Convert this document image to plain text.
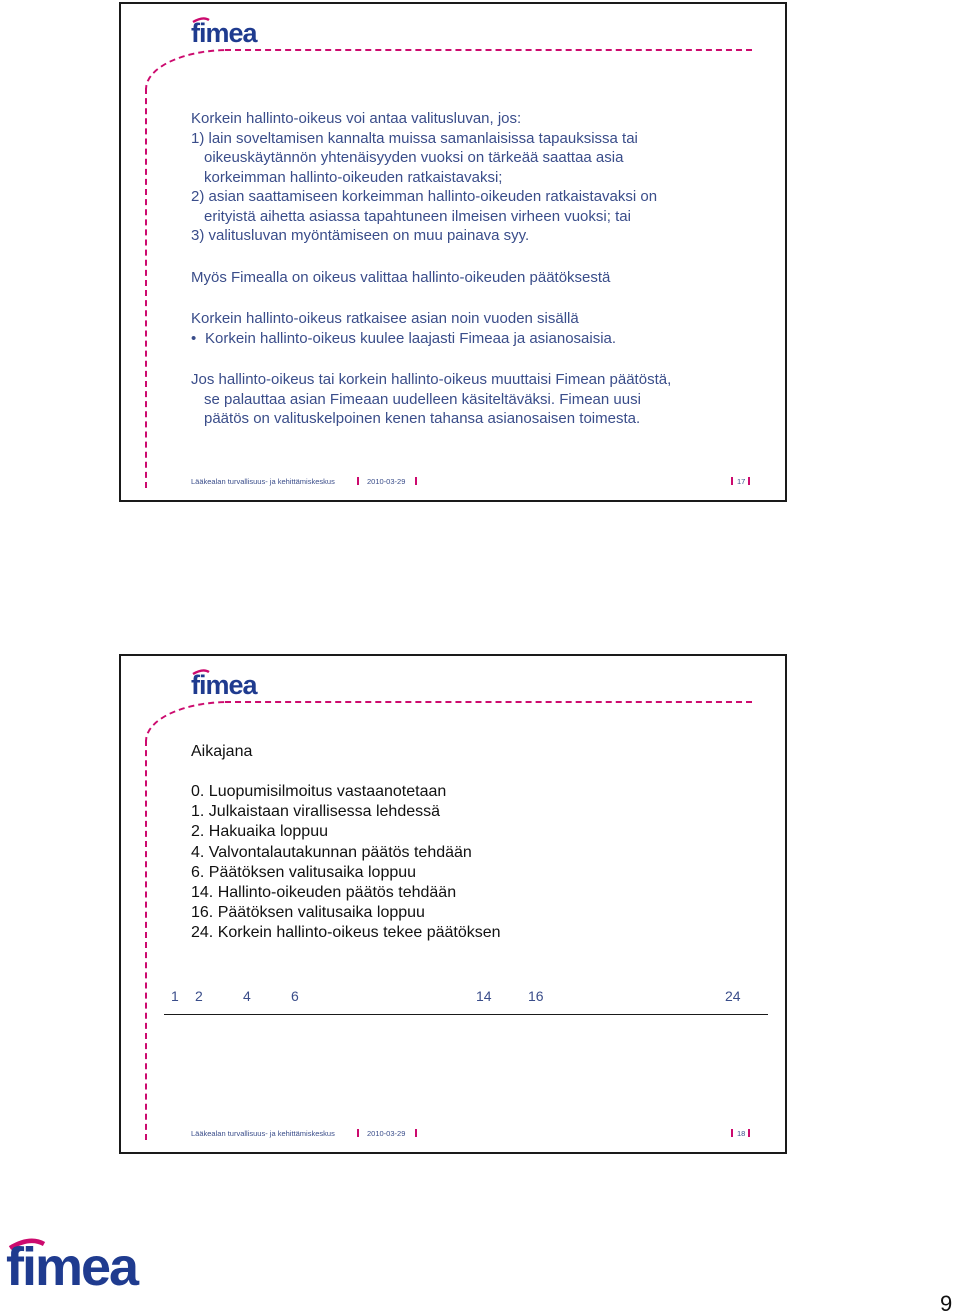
fimea
Korkein hallinto-oikeus voi antaa valitusluvan, jos:
1) lain soveltamisen kannalta muissa samanlaisissa tapauksissa tai
oikeuskäytännön yhtenäisyyden vuoksi on tärkeää saattaa asia
korkeimman hallinto-oikeuden ratkaistavaksi;
2) asian saattamiseen korkeimman hallinto-oikeuden ratkaistavaksi on
erityistä aihetta asiassa tapahtuneen ilmeisen virheen vuoksi; tai
3) valitusluvan myöntämiseen on muu painava syy.
Myös Fimealla on oikeus valittaa hallinto-oikeuden päätöksestä
Korkein hallinto-oikeus ratkaisee asian noin vuoden sisällä
• Korkein hallinto-oikeus kuulee laajasti Fimeaa ja asianosaisia.
Jos hallinto-oikeus tai korkein hallinto-oikeus muuttaisi Fimean päätöstä,
se palauttaa asian Fimeaan uudelleen käsiteltäväksi. Fimean uusi
päätös on valituskelpoinen kenen tahansa asianosaisen toimesta.
Lääkealan turvallisuus- ja kehittämiskeskus	2010-03-29	17
fimea
Aikajana
0. Luopumisilmoitus vastaanotetaan
1. Julkaistaan virallisessa lehdessä
2. Hakuaika loppuu
4. Valvontalautakunnan päätös tehdään
6. Päätöksen valitusaika loppuu
14. Hallinto-oikeuden päätös tehdään
16. Päätöksen valitusaika loppuu
24. Korkein hallinto-oikeus tekee päätöksen
1 2	4	6	14	16	24
Lääkealan turvallisuus- ja kehittämiskeskus	2010-03-29	18
fimea
9
